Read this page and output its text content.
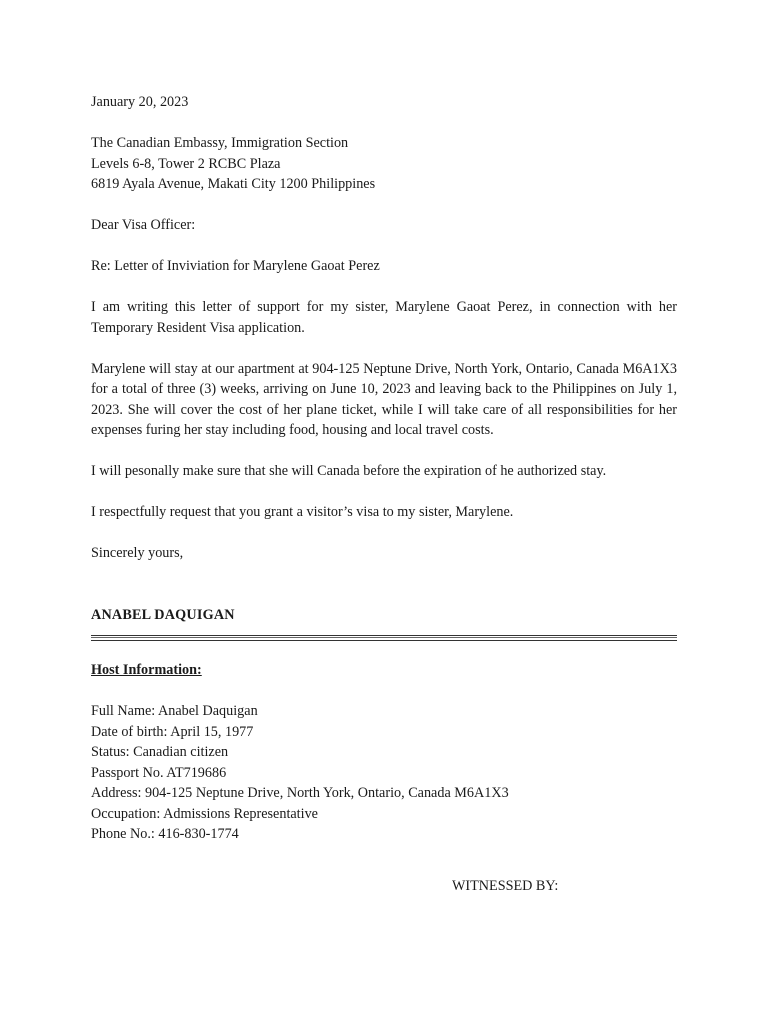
January 20, 2023
The Canadian Embassy, Immigration Section
Levels 6-8, Tower 2 RCBC Plaza
6819 Ayala Avenue, Makati City 1200 Philippines
Dear Visa Officer:
Re: Letter of Inviviation for Marylene Gaoat Perez
I am writing this letter of support for my sister, Marylene Gaoat Perez, in connection with her Temporary Resident Visa application.
Marylene will stay at our apartment at 904-125 Neptune Drive, North York, Ontario, Canada M6A1X3 for a total of three (3) weeks, arriving on June 10, 2023 and leaving back to the Philippines on July 1, 2023. She will cover the cost of her plane ticket, while I will take care of all responsibilities for her expenses furing her stay including food, housing and local travel costs.
I will pesonally make sure that she will Canada before the expiration of he authorized stay.
I respectfully request that you grant a visitor’s visa to my sister, Marylene.
Sincerely yours,
ANABEL DAQUIGAN
Host Information:
Full Name: Anabel Daquigan
Date of birth: April 15, 1977
Status: Canadian citizen
Passport No. AT719686
Address: 904-125 Neptune Drive, North York, Ontario, Canada M6A1X3
Occupation: Admissions Representative
Phone No.: 416-830-1774
WITNESSED BY:
